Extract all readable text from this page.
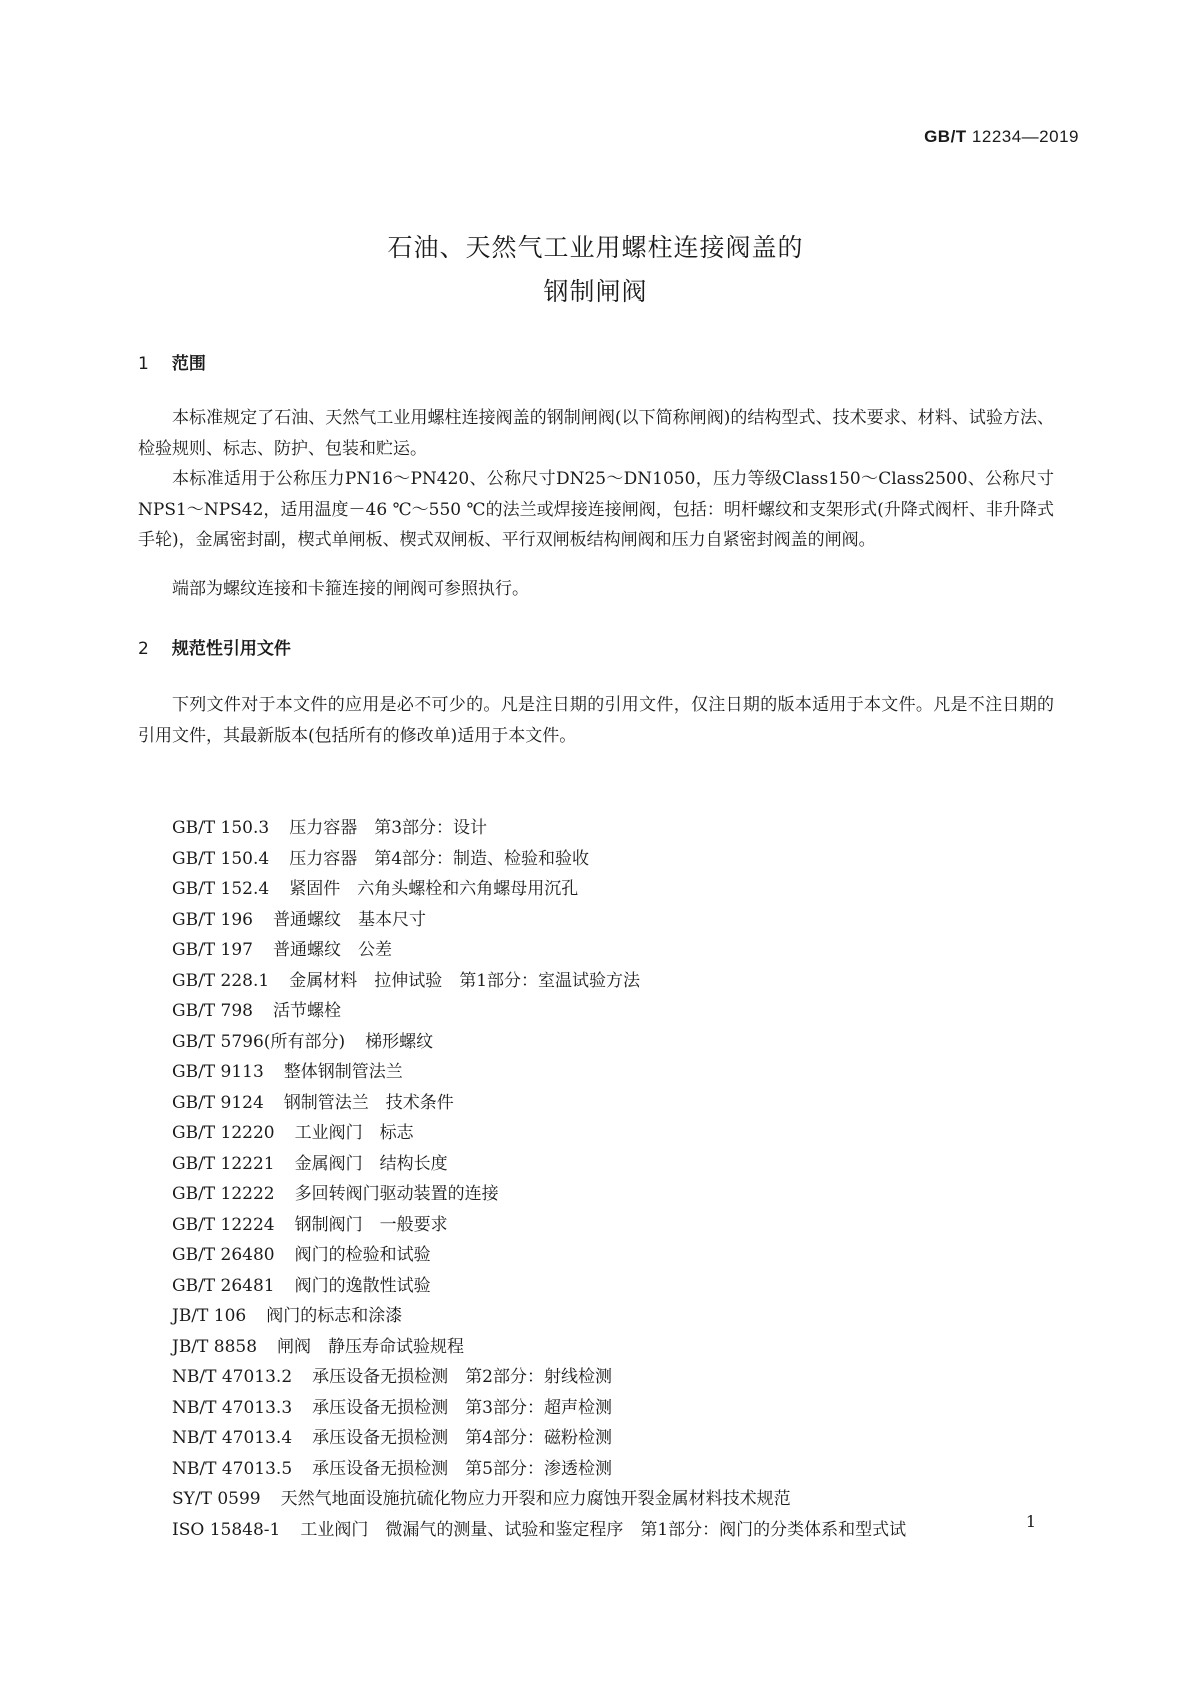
GB/T 12234—2019
石油、天然气工业用螺柱连接阀盖的
钢制闸阀
1 范围

本标准规定了石油、天然气工业用螺柱连接阀盖的钢制闸阀(以下简称闸阀)的结构型式、技术要求、材料、试验方法、检验规则、标志、防护、包装和贮运。

本标准适用于公称压力PN16～PN420、公称尺寸DN25～DN1050，压力等级Class150～Class2500、公称尺寸NPS1～NPS42，适用温度－46 ℃～550 ℃的法兰或焊接连接闸阀，包括：明杆螺纹和支架形式(升降式阀杆、非升降式手轮)，金属密封副，楔式单闸板、楔式双闸板、平行双闸板结构闸阀和压力自紧密封阀盖的闸阀。

端部为螺纹连接和卡箍连接的闸阀可参照执行。

2 规范性引用文件

下列文件对于本文件的应用是必不可少的。凡是注日期的引用文件，仅注日期的版本适用于本文件。凡是不注日期的引用文件，其最新版本(包括所有的修改单)适用于本文件。

GB/T 150.3 压力容器　第3部分：设计
GB/T 150.4 压力容器　第4部分：制造、检验和验收
GB/T 152.4 紧固件　六角头螺栓和六角螺母用沉孔
GB/T 196 普通螺纹　基本尺寸
GB/T 197 普通螺纹　公差
GB/T 228.1 金属材料　拉伸试验　第1部分：室温试验方法
GB/T 798 活节螺栓
GB/T 5796(所有部分) 梯形螺纹
GB/T 9113 整体钢制管法兰
GB/T 9124 钢制管法兰　技术条件
GB/T 12220 工业阀门　标志
GB/T 12221 金属阀门　结构长度
GB/T 12222 多回转阀门驱动装置的连接
GB/T 12224 钢制阀门　一般要求
GB/T 26480 阀门的检验和试验
GB/T 26481 阀门的逸散性试验
JB/T 106 阀门的标志和涂漆
JB/T 8858 闸阀　静压寿命试验规程
NB/T 47013.2 承压设备无损检测　第2部分：射线检测
NB/T 47013.3 承压设备无损检测　第3部分：超声检测
NB/T 47013.4 承压设备无损检测　第4部分：磁粉检测
NB/T 47013.5 承压设备无损检测　第5部分：渗透检测
SY/T 0599 天然气地面设施抗硫化物应力开裂和应力腐蚀开裂金属材料技术规范
ISO 15848-1 工业阀门　微漏气的测量、试验和鉴定程序　第1部分：阀门的分类体系和型式试	1
